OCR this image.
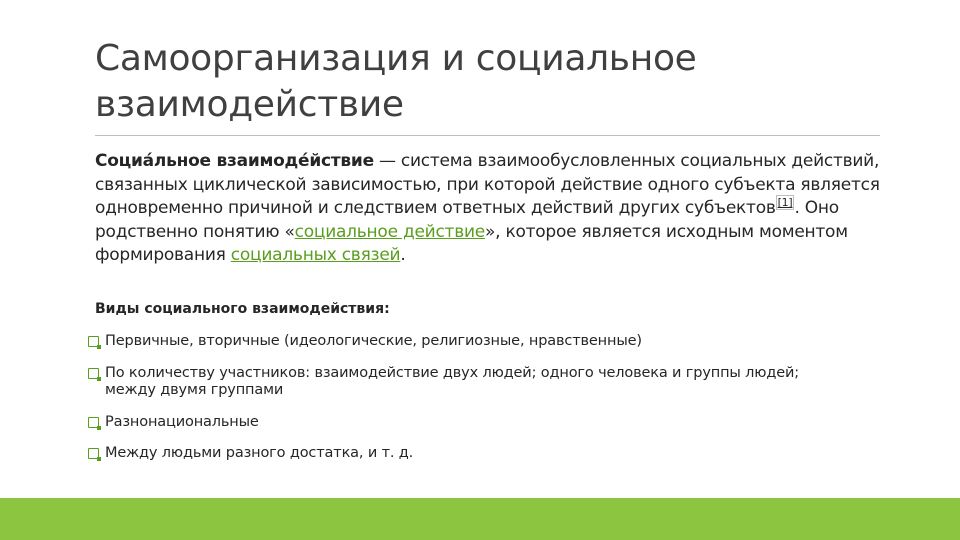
Самоорганизация и социальное
взаимодействие

Социа́льное взаимоде́йствие — система взаимообусловленных социальных действий, связанных циклической зависимостью, при которой действие одного субъекта является одновременно причиной и следствием ответных действий других субъектов [1] . Оно родственно понятию «социальное действие», которое является исходным моментом формирования социальных связей.

Виды социального взаимодействия:

Первичные, вторичные (идеологические, религиозные, нравственные)
По количеству участников: взаимодействие двух людей; одного человека и группы людей; между двумя группами
Разнонациональные
Между людьми разного достатка, и т. д.
